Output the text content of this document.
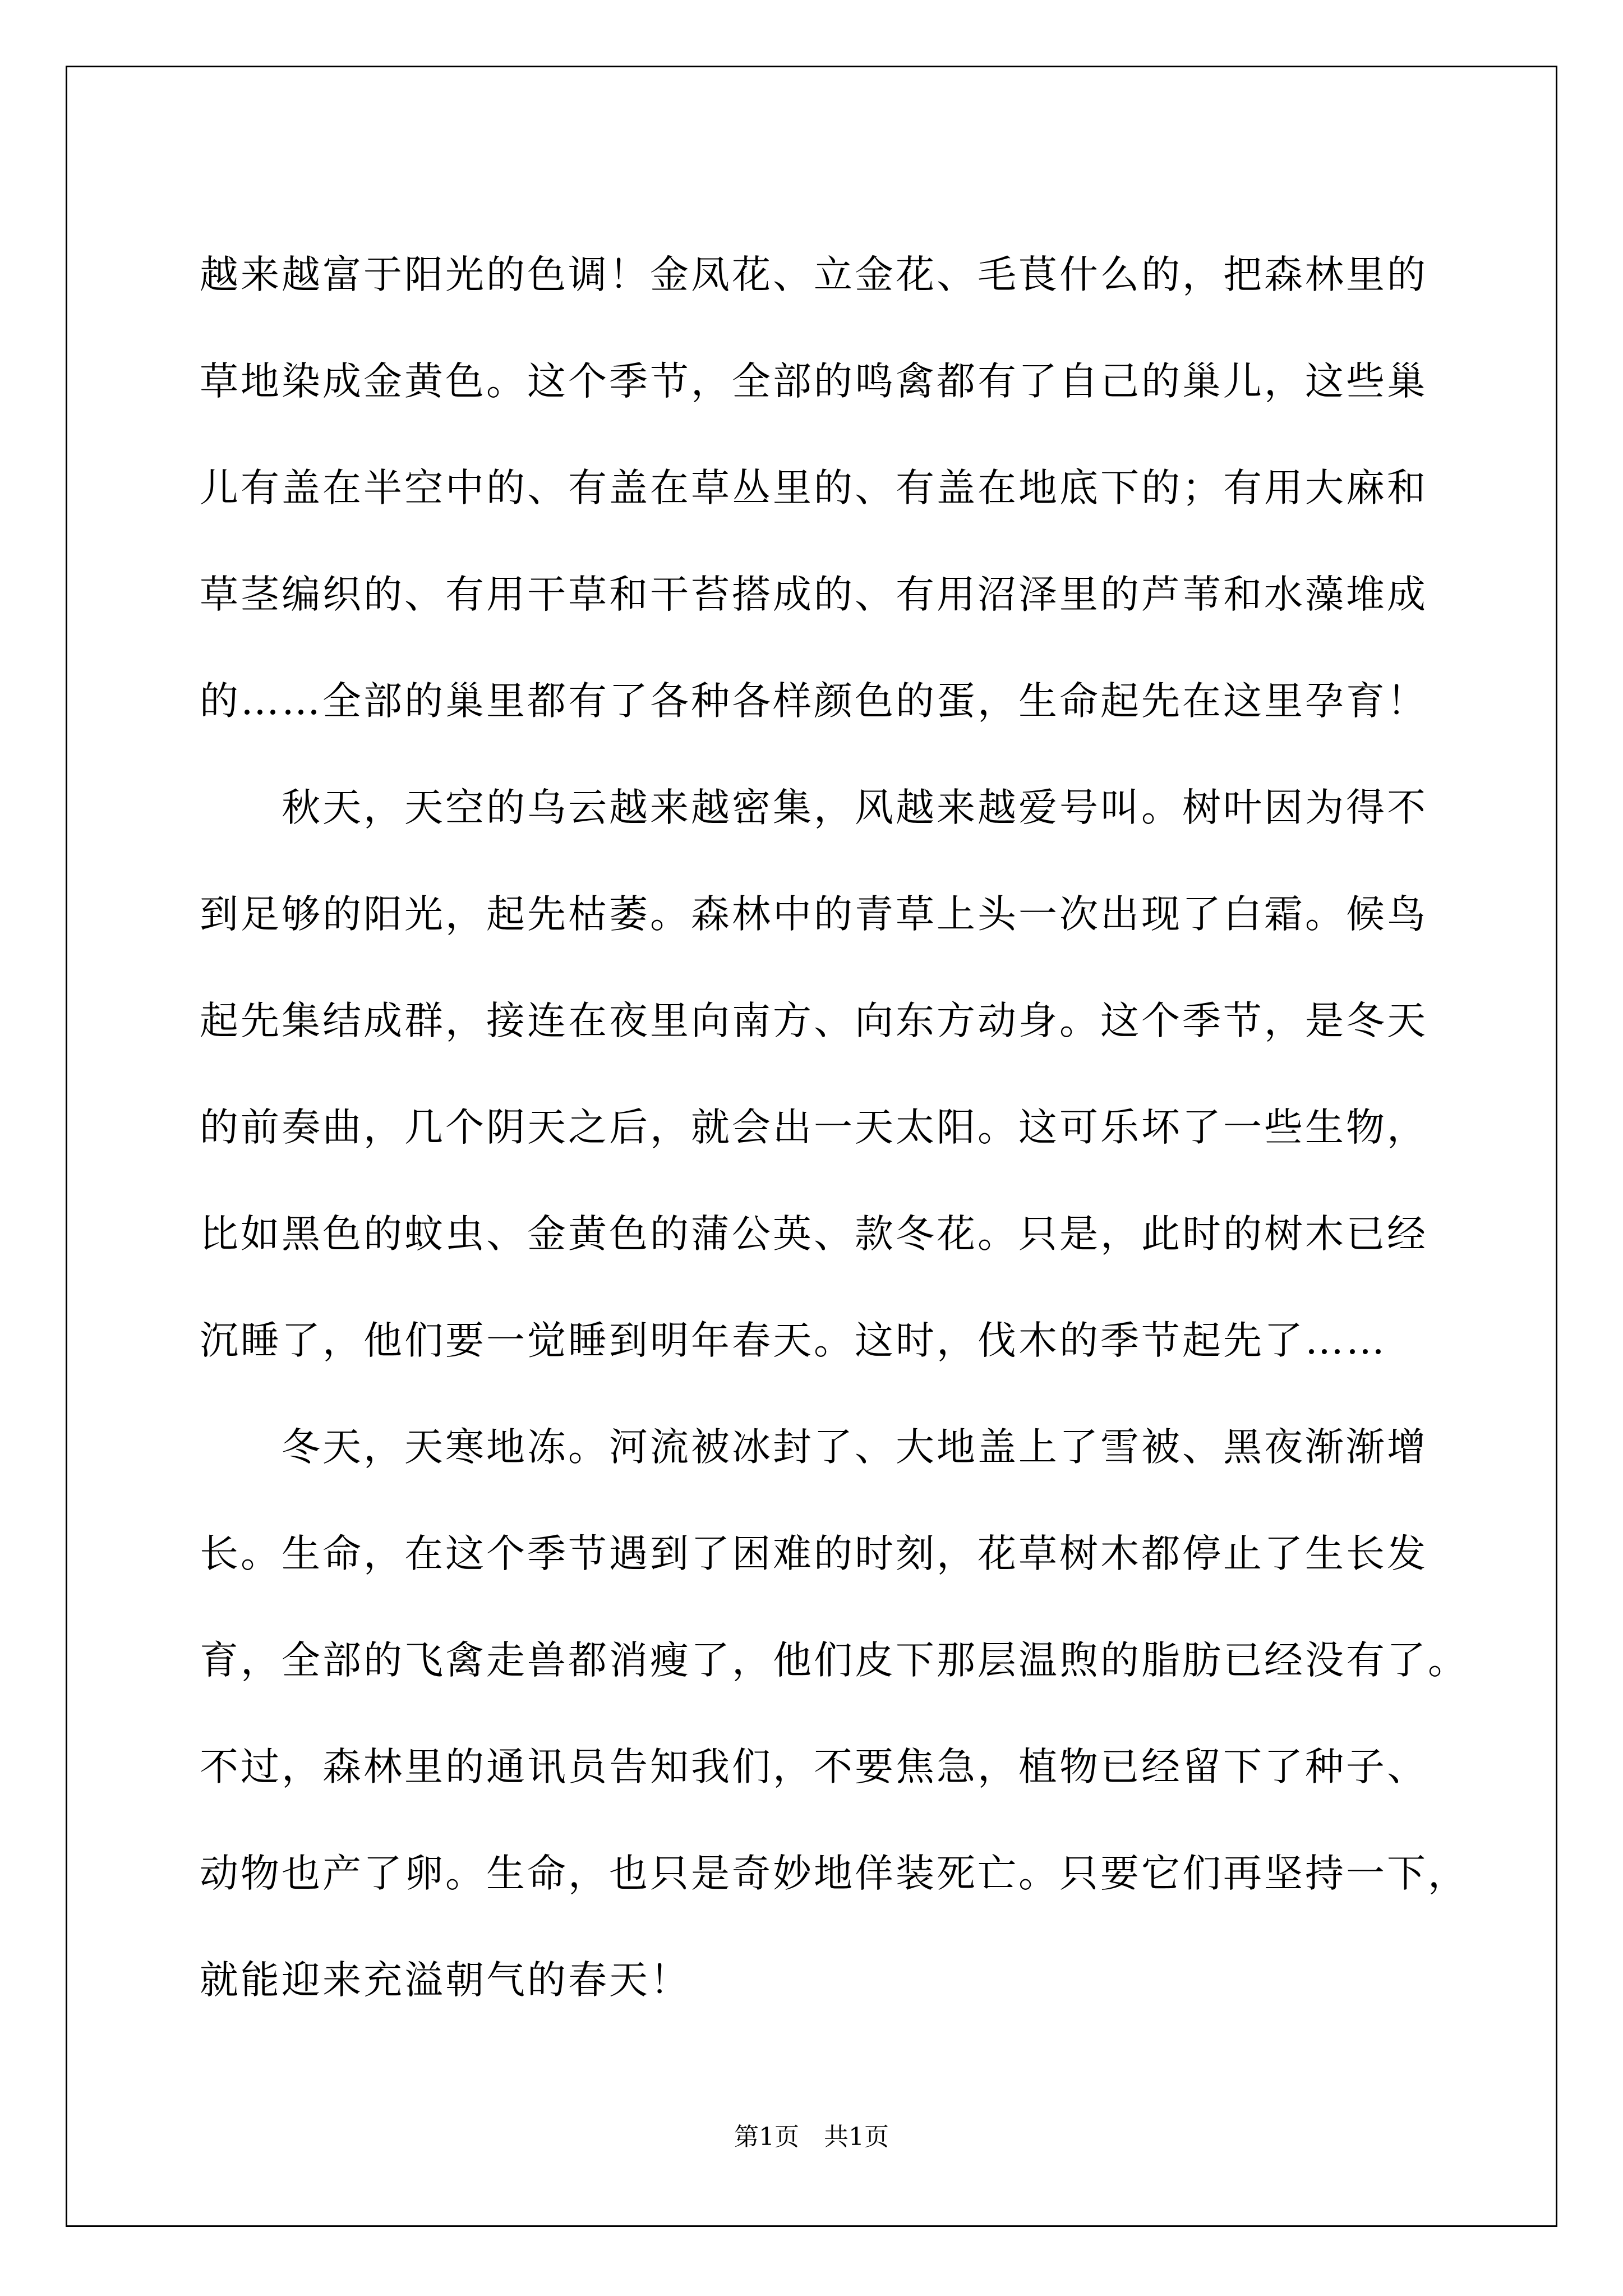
越来越富于阳光的色调！金凤花、立金花、毛茛什么的，把森林里的
草地染成金黄色。这个季节，全部的鸣禽都有了自己的巢儿，这些巢
儿有盖在半空中的、有盖在草丛里的、有盖在地底下的；有用大麻和
草茎编织的、有用干草和干苔搭成的、有用沼泽里的芦苇和水藻堆成
的……全部的巢里都有了各种各样颜色的蛋，生命起先在这里孕育！
　　秋天，天空的乌云越来越密集，风越来越爱号叫。树叶因为得不
到足够的阳光，起先枯萎。森林中的青草上头一次出现了白霜。候鸟
起先集结成群，接连在夜里向南方、向东方动身。这个季节，是冬天
的前奏曲，几个阴天之后，就会出一天太阳。这可乐坏了一些生物，
比如黑色的蚊虫、金黄色的蒲公英、款冬花。只是，此时的树木已经
沉睡了，他们要一觉睡到明年春天。这时，伐木的季节起先了……
　　冬天，天寒地冻。河流被冰封了、大地盖上了雪被、黑夜渐渐增
长。生命，在这个季节遇到了困难的时刻，花草树木都停止了生长发
育，全部的飞禽走兽都消瘦了，他们皮下那层温煦的脂肪已经没有了。
不过，森林里的通讯员告知我们，不要焦急，植物已经留下了种子、
动物也产了卵。生命，也只是奇妙地佯装死亡。只要它们再坚持一下，
就能迎来充溢朝气的春天！
第1页　共1页
